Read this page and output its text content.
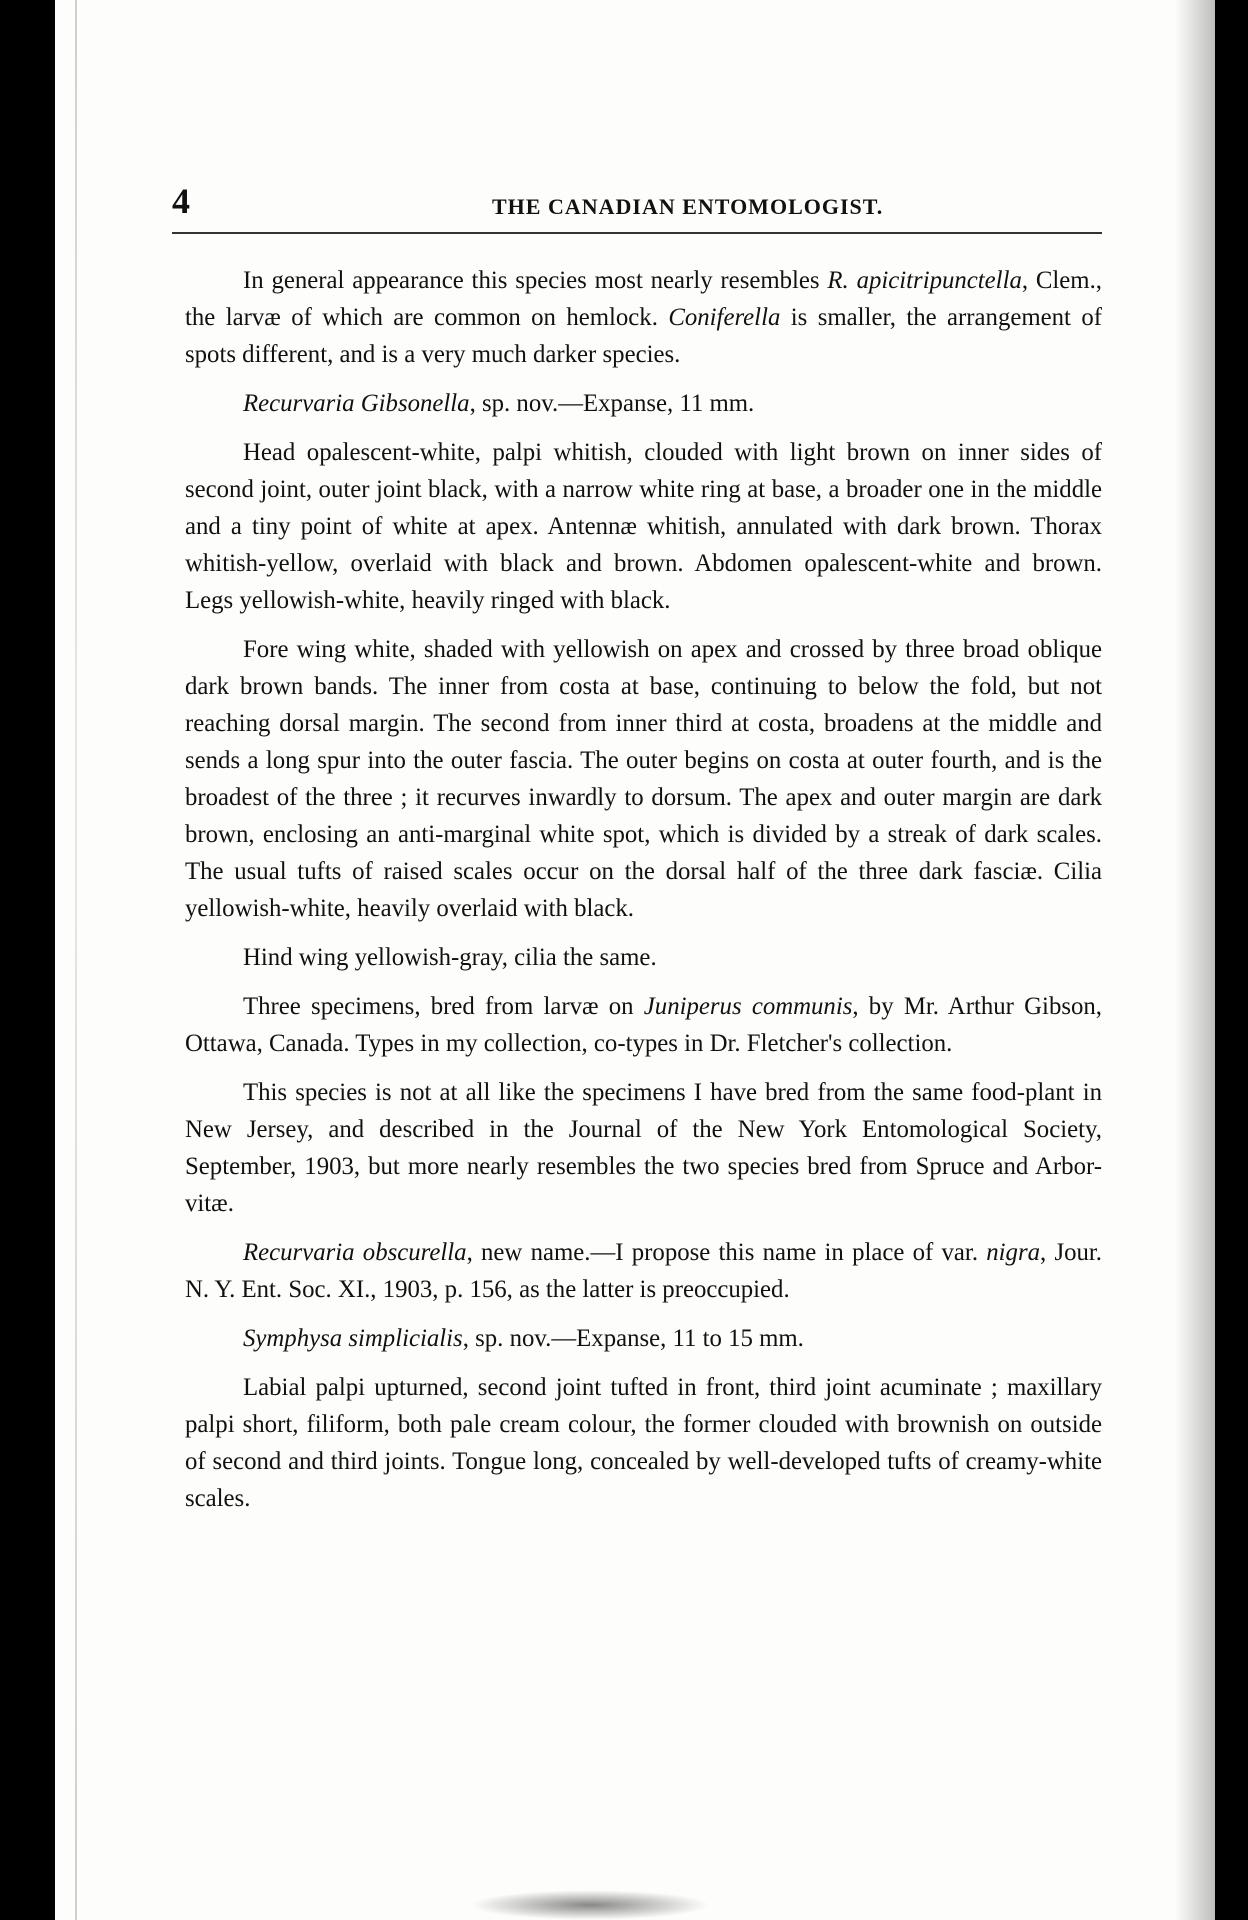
4	THE CANADIAN ENTOMOLOGIST.

In general appearance this species most nearly resembles R. apicitripunctella, Clem., the larvæ of which are common on hemlock. Coniferella is smaller, the arrangement of spots different, and is a very much darker species.

Recurvaria Gibsonella, sp. nov.—Expanse, 11 mm.

Head opalescent-white, palpi whitish, clouded with light brown on inner sides of second joint, outer joint black, with a narrow white ring at base, a broader one in the middle and a tiny point of white at apex. Antennæ whitish, annulated with dark brown. Thorax whitish-yellow, overlaid with black and brown. Abdomen opalescent-white and brown. Legs yellowish-white, heavily ringed with black.

Fore wing white, shaded with yellowish on apex and crossed by three broad oblique dark brown bands. The inner from costa at base, continuing to below the fold, but not reaching dorsal margin. The second from inner third at costa, broadens at the middle and sends a long spur into the outer fascia. The outer begins on costa at outer fourth, and is the broadest of the three ; it recurves inwardly to dorsum. The apex and outer margin are dark brown, enclosing an anti-marginal white spot, which is divided by a streak of dark scales. The usual tufts of raised scales occur on the dorsal half of the three dark fasciæ. Cilia yellowish-white, heavily overlaid with black.

Hind wing yellowish-gray, cilia the same.

Three specimens, bred from larvæ on Juniperus communis, by Mr. Arthur Gibson, Ottawa, Canada. Types in my collection, co-types in Dr. Fletcher's collection.

This species is not at all like the specimens I have bred from the same food-plant in New Jersey, and described in the Journal of the New York Entomological Society, September, 1903, but more nearly resembles the two species bred from Spruce and Arbor-vitæ.

Recurvaria obscurella, new name.—I propose this name in place of var. nigra, Jour. N. Y. Ent. Soc. XI., 1903, p. 156, as the latter is preoccupied.

Symphysa simplicialis, sp. nov.—Expanse, 11 to 15 mm.

Labial palpi upturned, second joint tufted in front, third joint acuminate ; maxillary palpi short, filiform, both pale cream colour, the former clouded with brownish on outside of second and third joints. Tongue long, concealed by well-developed tufts of creamy-white scales.
